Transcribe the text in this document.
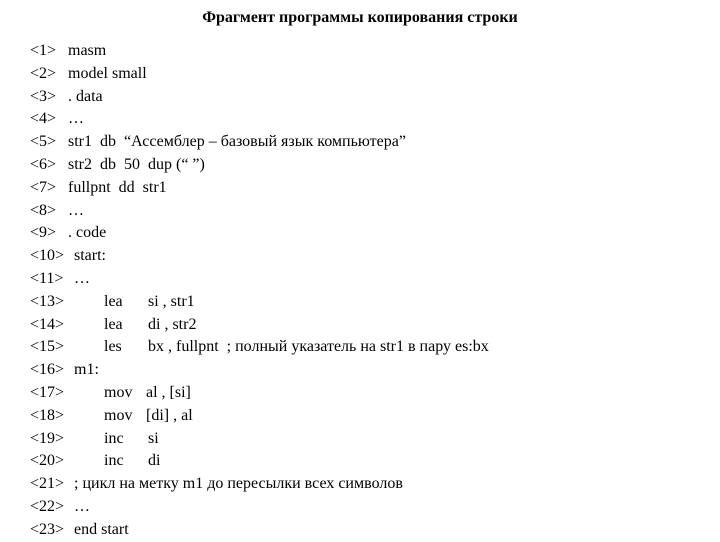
Фрагмент программы копирования строки
<1> masm
<2> model small
<3> . data
<4> …
<5> str1  db  “Ассемблер – базовый язык компьютера”
<6> str2  db  50  dup (“ ”)
<7> fullpnt  dd  str1
<8> …
<9> . code
<10> start:
<11> …
<13> lea si , str1
<14> lea di , str2
<15> les bx , fullpnt  ; полный указатель на str1 в пару es:bx
<16> m1:
<17> mov al , [si]
<18> mov [di] , al
<19> inc si
<20> inc di
<21> ; цикл на метку m1 до пересылки всех символов
<22> …
<23> end start
